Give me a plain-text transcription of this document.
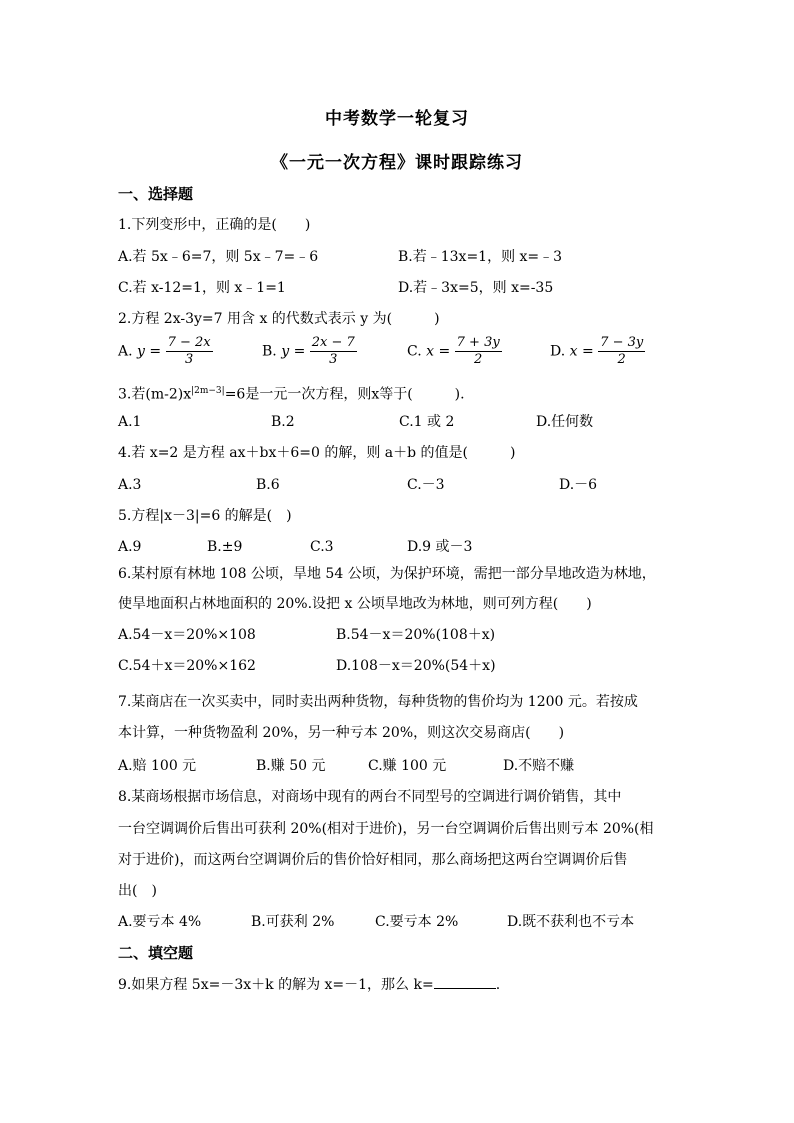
中考数学一轮复习
《一元一次方程》课时跟踪练习
一、选择题
1.下列变形中，正确的是(　　)
A.若 5x﹣6=7，则 5x﹣7=﹣6	B.若﹣13x=1，则 x=﹣3
C.若 x-12=1，则 x﹣1=1	D.若﹣3x=5，则 x=-35
2.方程 2x-3y=7 用含 x 的代数式表示 y 为(　　　)
A. $y = \frac{7 - 2x}{3}$	B. $y = \frac{2x - 7}{3}$	C. $x = \frac{7 + 3y}{2}$	D. $x = \frac{7 - 3y}{2}$
3.若$(m-2)x^{|2m-3|}=6$是一元一次方程，则x等于(　　　).
A.1	B.2	C.1 或 2	D.任何数
4.若 x=2 是方程 ax＋bx＋6=0 的解，则 a＋b 的值是(　　　)
A.3	B.6	C.－3	D.－6
5.方程|x－3|=6 的解是(　)
A.9	B.±9	C.3	D.9 或－3
6.某村原有林地 108 公顷，旱地 54 公顷，为保护环境，需把一部分旱地改造为林地，
使旱地面积占林地面积的 20%.设把 x 公顷旱地改为林地，则可列方程(　　)
A.54－x＝20%×108	B.54－x＝20%(108＋x)
C.54＋x＝20%×162	D.108－x＝20%(54＋x)
7.某商店在一次买卖中，同时卖出两种货物，每种货物的售价均为 1200 元。若按成
本计算，一种货物盈利 20%，另一种亏本 20%，则这次交易商店(　　)
A.赔 100 元	B.赚 50 元	C.赚 100 元	D.不赔不赚
8.某商场根据市场信息，对商场中现有的两台不同型号的空调进行调价销售，其中
一台空调调价后售出可获利 20%(相对于进价)，另一台空调调价后售出则亏本 20%(相
对于进价)，而这两台空调调价后的售价恰好相同，那么商场把这两台空调调价后售
出(　)
A.要亏本 4%	B.可获利 2%	C.要亏本 2%	D.既不获利也不亏本
二、填空题
9.如果方程 5x=－3x＋k 的解为 x=－1，那么 k=	.
